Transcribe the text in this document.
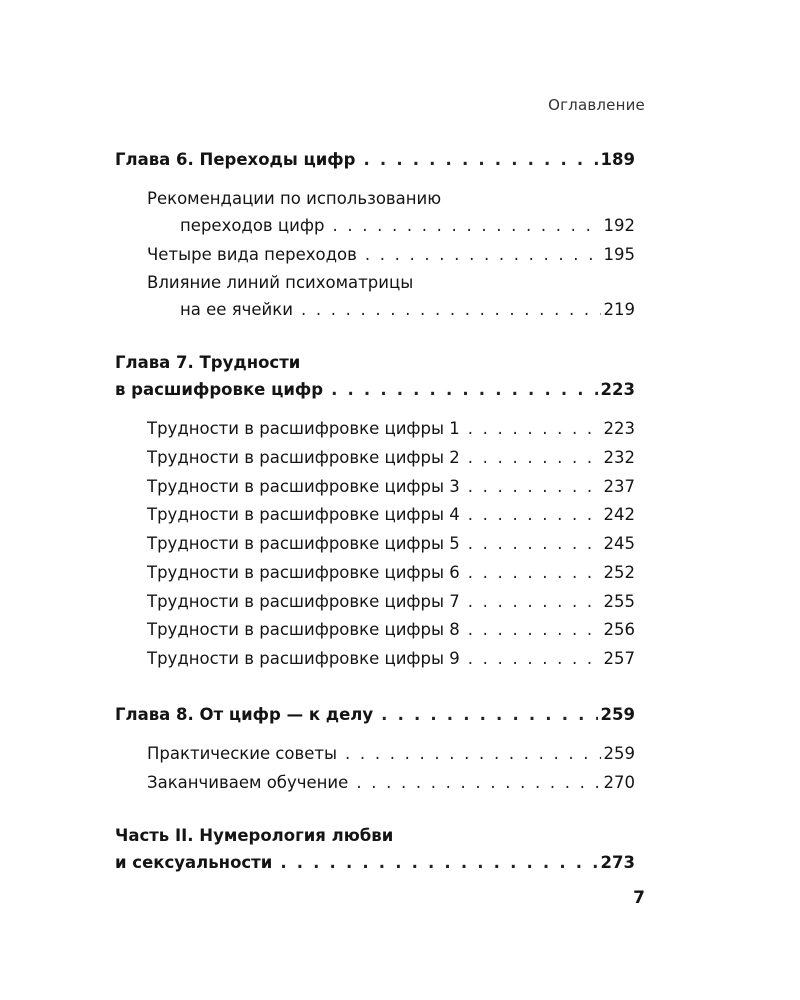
Оглавление
Глава 6. Переходы цифр . . .	189
Рекомендации по использованию
переходов цифр . . .	192
Четыре вида переходов . . .	195
Влияние линий психоматрицы
на ее ячейки . . .	219
Глава 7. Трудности
в расшифровке цифр . . .	223
Трудности в расшифровке цифры 1 . . .	223
Трудности в расшифровке цифры 2 . . .	232
Трудности в расшифровке цифры 3 . . .	237
Трудности в расшифровке цифры 4 . . .	242
Трудности в расшифровке цифры 5 . . .	245
Трудности в расшифровке цифры 6 . . .	252
Трудности в расшифровке цифры 7 . . .	255
Трудности в расшифровке цифры 8 . . .	256
Трудности в расшифровке цифры 9 . . .	257
Глава 8. От цифр — к делу . . .	259
Практические советы . . .	259
Заканчиваем обучение . . .	270
Часть II. Нумерология любви
и сексуальности . . .	273
7
